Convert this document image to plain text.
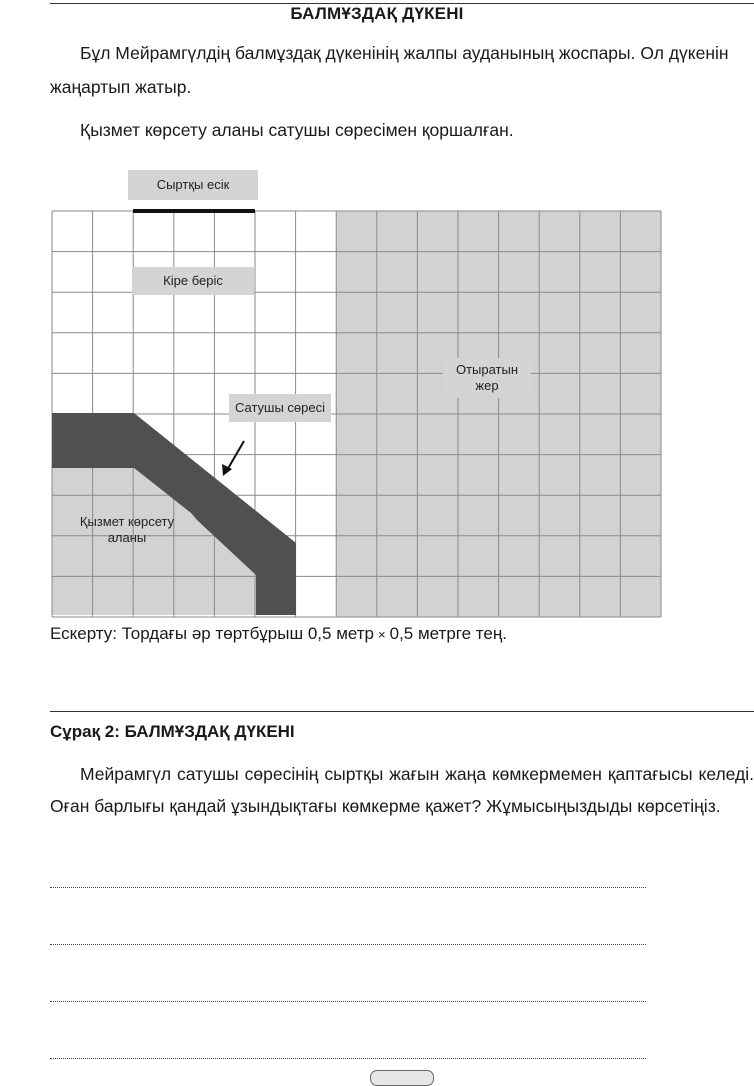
БАЛМҰЗДАҚ ДҮКЕНІ
Бұл Мейрамгүлдің балмұздақ дүкенінің жалпы ауданының жоспары. Ол дүкенін жаңартып жатыр.
Қызмет көрсету аланы сатушы сөресімен қоршалған.
Сыртқы есік
Кіре беріс
Отыратын жер
Сатушы сөресі
Қызмет көрсету аланы
Ескерту: Тордағы әр төртбұрыш 0,5 метр × 0,5 метрге тең.
Сұрақ 2: БАЛМҰЗДАҚ ДҮКЕНІ
Мейрамгүл сатушы сөресінің сыртқы жағын жаңа көмкермемен қаптағысы келеді. Оған барлығы қандай ұзындықтағы көмкерме қажет? Жұмысыңыздыды көрсетіңіз.
